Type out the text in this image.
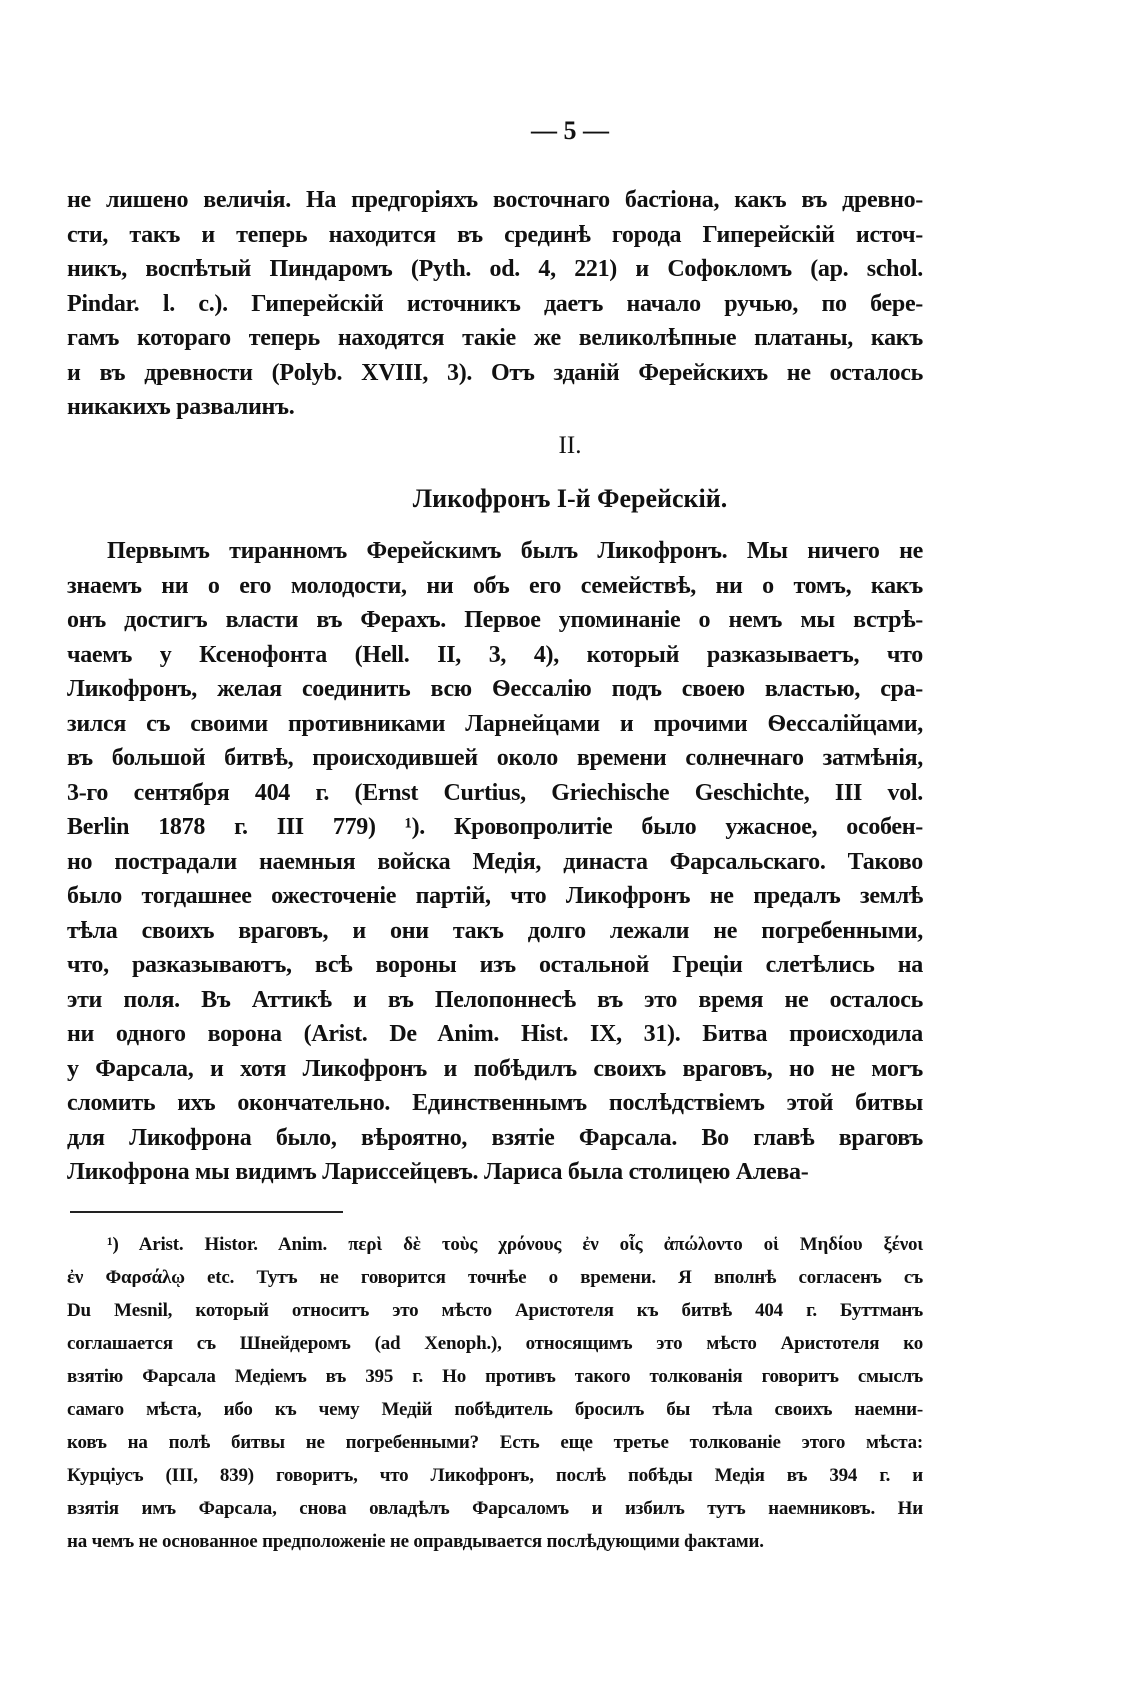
— 5 —
не лишено величія. На предгоріяхъ восточнаго бастіона, какъ въ древно-
сти, такъ и теперь находится въ срединѣ города Гиперейскій источ-
никъ, воспѣтый Пиндаромъ (Pyth. od. 4, 221) и Софокломъ (ap. schol.
Pindar. l. c.). Гиперейскій источникъ даетъ начало ручью, по бере-
гамъ котораго теперь находятся такіе же великолѣпные платаны, какъ
и въ древности (Polyb. XVIII, 3). Отъ зданій Ферейскихъ не осталось
никакихъ развалинъ.
II.
Ликофронъ I-й Ферейскій.
Первымъ тиранномъ Ферейскимъ былъ Ликофронъ. Мы ничего не
знаемъ ни о его молодости, ни объ его семействѣ, ни о томъ, какъ
онъ достигъ власти въ Ферахъ. Первое упоминаніе о немъ мы встрѣ-
чаемъ у Ксенофонта (Hell. II, 3, 4), который разказываетъ, что
Ликофронъ, желая соединить всю Ѳессалію подъ своею властью, сра-
зился съ своими противниками Ларнейцами и прочими Ѳессалійцами,
въ большой битвѣ, происходившей около времени солнечнаго затмѣнія,
3-го сентября 404 г. (Ernst Curtius, Griechische Geschichte, III vol.
Berlin 1878 г. III 779) ¹). Кровопролитіе было ужасное, особен-
но пострадали наемныя войска Медія, династа Фарсальскаго. Таково
было тогдашнее ожесточеніе партій, что Ликофронъ не предалъ землѣ
тѣла своихъ враговъ, и они такъ долго лежали не погребенными,
что, разказываютъ, всѣ вороны изъ остальной Греціи слетѣлись на
эти поля. Въ Аттикѣ и въ Пелопоннесѣ въ это время не осталось
ни одного ворона (Arist. De Anim. Hist. IX, 31). Битва происходила
у Фарсала, и хотя Ликофронъ и побѣдилъ своихъ враговъ, но не могъ
сломить ихъ окончательно. Единственнымъ послѣдствіемъ этой битвы
для Ликофрона было, вѣроятно, взятіе Фарсала. Во главѣ враговъ
Ликофрона мы видимъ Лариссейцевъ. Лариса была столицею Алева-
¹) Arist. Histor. Anim. περὶ δὲ τοὺς χρόνους ἐν οἷς ἀπώλοντο οἱ Μηδίου ξένοι
ἐν Φαρσάλῳ etc. Тутъ не говорится точнѣе о времени. Я вполнѣ согласенъ съ
Du Mesnil, который относитъ это мѣсто Аристотеля къ битвѣ 404 г. Буттманъ
соглашается съ Шнейдеромъ (ad Xenoph.), относящимъ это мѣсто Аристотеля ко
взятію Фарсала Медіемъ въ 395 г. Но противъ такого толкованія говоритъ смыслъ
самаго мѣста, ибо къ чему Медій побѣдитель бросилъ бы тѣла своихъ наемни-
ковъ на полѣ битвы не погребенными? Есть еще третье толкованіе этого мѣста:
Курціусъ (III, 839) говоритъ, что Ликофронъ, послѣ побѣды Медія въ 394 г. и
взятія имъ Фарсала, снова овладѣлъ Фарсаломъ и избилъ тутъ наемниковъ. Ни
на чемъ не основанное предположеніе не оправдывается послѣдующими фактами.
